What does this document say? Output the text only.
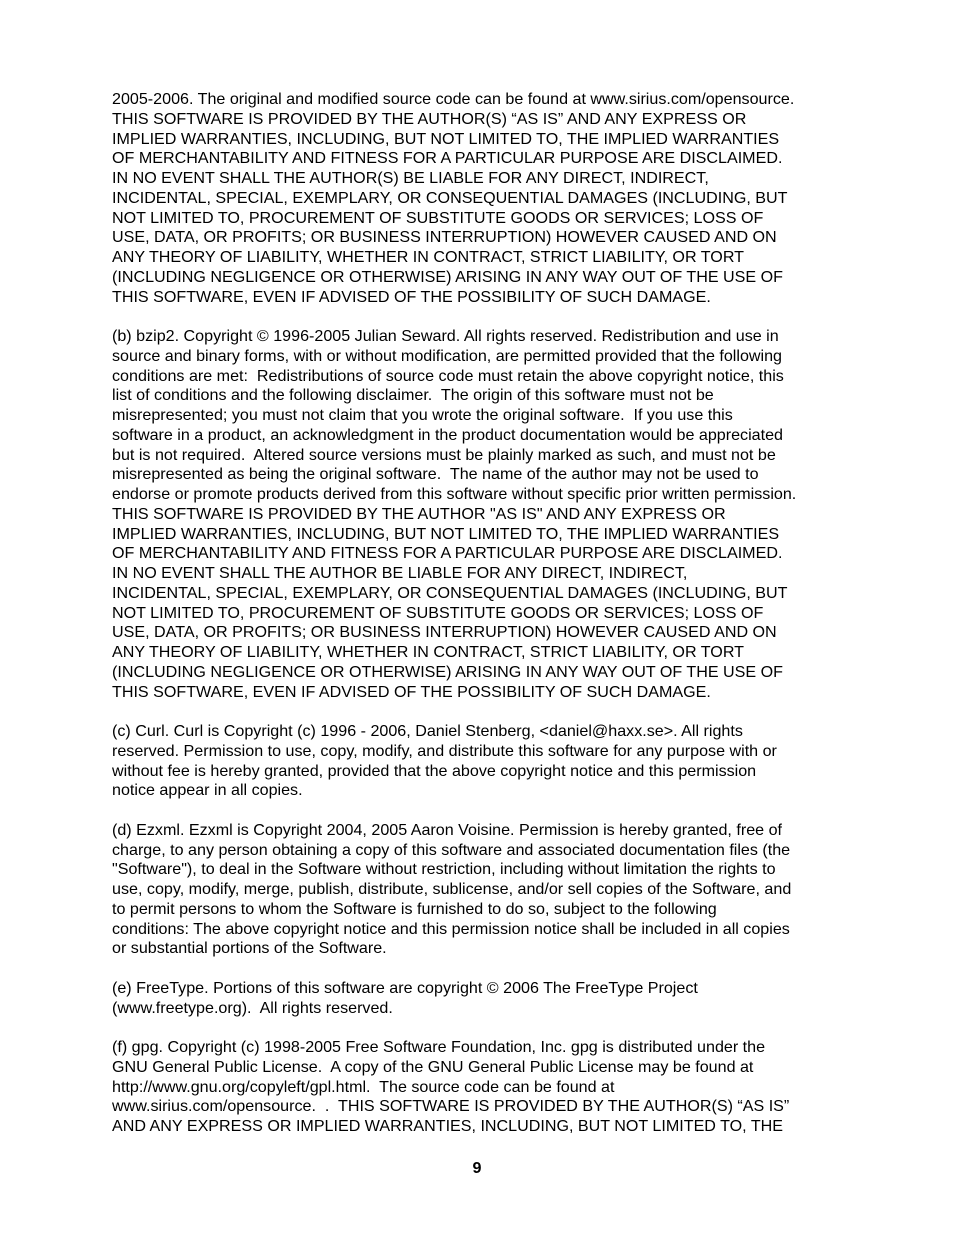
2005-2006. The original and modified source code can be found at www.sirius.com/opensource.
THIS SOFTWARE IS PROVIDED BY THE AUTHOR(S) “AS IS” AND ANY EXPRESS OR
IMPLIED WARRANTIES, INCLUDING, BUT NOT LIMITED TO, THE IMPLIED WARRANTIES
OF MERCHANTABILITY AND FITNESS FOR A PARTICULAR PURPOSE ARE DISCLAIMED.
IN NO EVENT SHALL THE AUTHOR(S) BE LIABLE FOR ANY DIRECT, INDIRECT,
INCIDENTAL, SPECIAL, EXEMPLARY, OR CONSEQUENTIAL DAMAGES (INCLUDING, BUT
NOT LIMITED TO, PROCUREMENT OF SUBSTITUTE GOODS OR SERVICES; LOSS OF
USE, DATA, OR PROFITS; OR BUSINESS INTERRUPTION) HOWEVER CAUSED AND ON
ANY THEORY OF LIABILITY, WHETHER IN CONTRACT, STRICT LIABILITY, OR TORT
(INCLUDING NEGLIGENCE OR OTHERWISE) ARISING IN ANY WAY OUT OF THE USE OF
THIS SOFTWARE, EVEN IF ADVISED OF THE POSSIBILITY OF SUCH DAMAGE.
(b) bzip2. Copyright © 1996-2005 Julian Seward. All rights reserved. Redistribution and use in
source and binary forms, with or without modification, are permitted provided that the following
conditions are met:  Redistributions of source code must retain the above copyright notice, this
list of conditions and the following disclaimer.  The origin of this software must not be
misrepresented; you must not claim that you wrote the original software.  If you use this
software in a product, an acknowledgment in the product documentation would be appreciated
but is not required.  Altered source versions must be plainly marked as such, and must not be
misrepresented as being the original software.  The name of the author may not be used to
endorse or promote products derived from this software without specific prior written permission.
THIS SOFTWARE IS PROVIDED BY THE AUTHOR "AS IS" AND ANY EXPRESS OR
IMPLIED WARRANTIES, INCLUDING, BUT NOT LIMITED TO, THE IMPLIED WARRANTIES
OF MERCHANTABILITY AND FITNESS FOR A PARTICULAR PURPOSE ARE DISCLAIMED.
IN NO EVENT SHALL THE AUTHOR BE LIABLE FOR ANY DIRECT, INDIRECT,
INCIDENTAL, SPECIAL, EXEMPLARY, OR CONSEQUENTIAL DAMAGES (INCLUDING, BUT
NOT LIMITED TO, PROCUREMENT OF SUBSTITUTE GOODS OR SERVICES; LOSS OF
USE, DATA, OR PROFITS; OR BUSINESS INTERRUPTION) HOWEVER CAUSED AND ON
ANY THEORY OF LIABILITY, WHETHER IN CONTRACT, STRICT LIABILITY, OR TORT
(INCLUDING NEGLIGENCE OR OTHERWISE) ARISING IN ANY WAY OUT OF THE USE OF
THIS SOFTWARE, EVEN IF ADVISED OF THE POSSIBILITY OF SUCH DAMAGE.
(c) Curl. Curl is Copyright (c) 1996 - 2006, Daniel Stenberg, <daniel@haxx.se>. All rights
reserved. Permission to use, copy, modify, and distribute this software for any purpose with or
without fee is hereby granted, provided that the above copyright notice and this permission
notice appear in all copies.
(d) Ezxml. Ezxml is Copyright 2004, 2005 Aaron Voisine. Permission is hereby granted, free of
charge, to any person obtaining a copy of this software and associated documentation files (the
"Software"), to deal in the Software without restriction, including without limitation the rights to
use, copy, modify, merge, publish, distribute, sublicense, and/or sell copies of the Software, and
to permit persons to whom the Software is furnished to do so, subject to the following
conditions: The above copyright notice and this permission notice shall be included in all copies
or substantial portions of the Software.
(e) FreeType. Portions of this software are copyright © 2006 The FreeType Project
(www.freetype.org).  All rights reserved.
(f) gpg. Copyright (c) 1998-2005 Free Software Foundation, Inc. gpg is distributed under the
GNU General Public License.  A copy of the GNU General Public License may be found at
http://www.gnu.org/copyleft/gpl.html.  The source code can be found at
www.sirius.com/opensource.  .  THIS SOFTWARE IS PROVIDED BY THE AUTHOR(S) “AS IS”
AND ANY EXPRESS OR IMPLIED WARRANTIES, INCLUDING, BUT NOT LIMITED TO, THE
9
